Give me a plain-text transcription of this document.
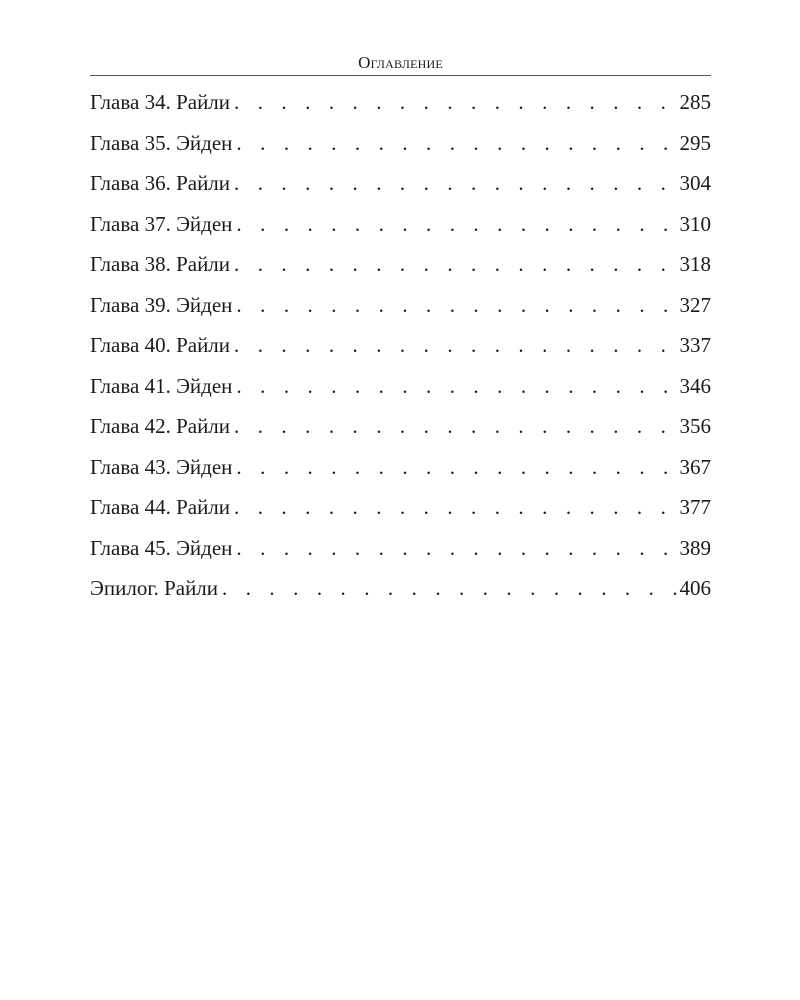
Оглавление
Глава 34. Райли . . .	285
Глава 35. Эйден . . .	295
Глава 36. Райли . . .	304
Глава 37. Эйден . . .	310
Глава 38. Райли . . .	318
Глава 39. Эйден . . .	327
Глава 40. Райли . . .	337
Глава 41. Эйден . . .	346
Глава 42. Райли . . .	356
Глава 43. Эйден . . .	367
Глава 44. Райли . . .	377
Глава 45. Эйден . . .	389
Эпилог. Райли . . .	406
